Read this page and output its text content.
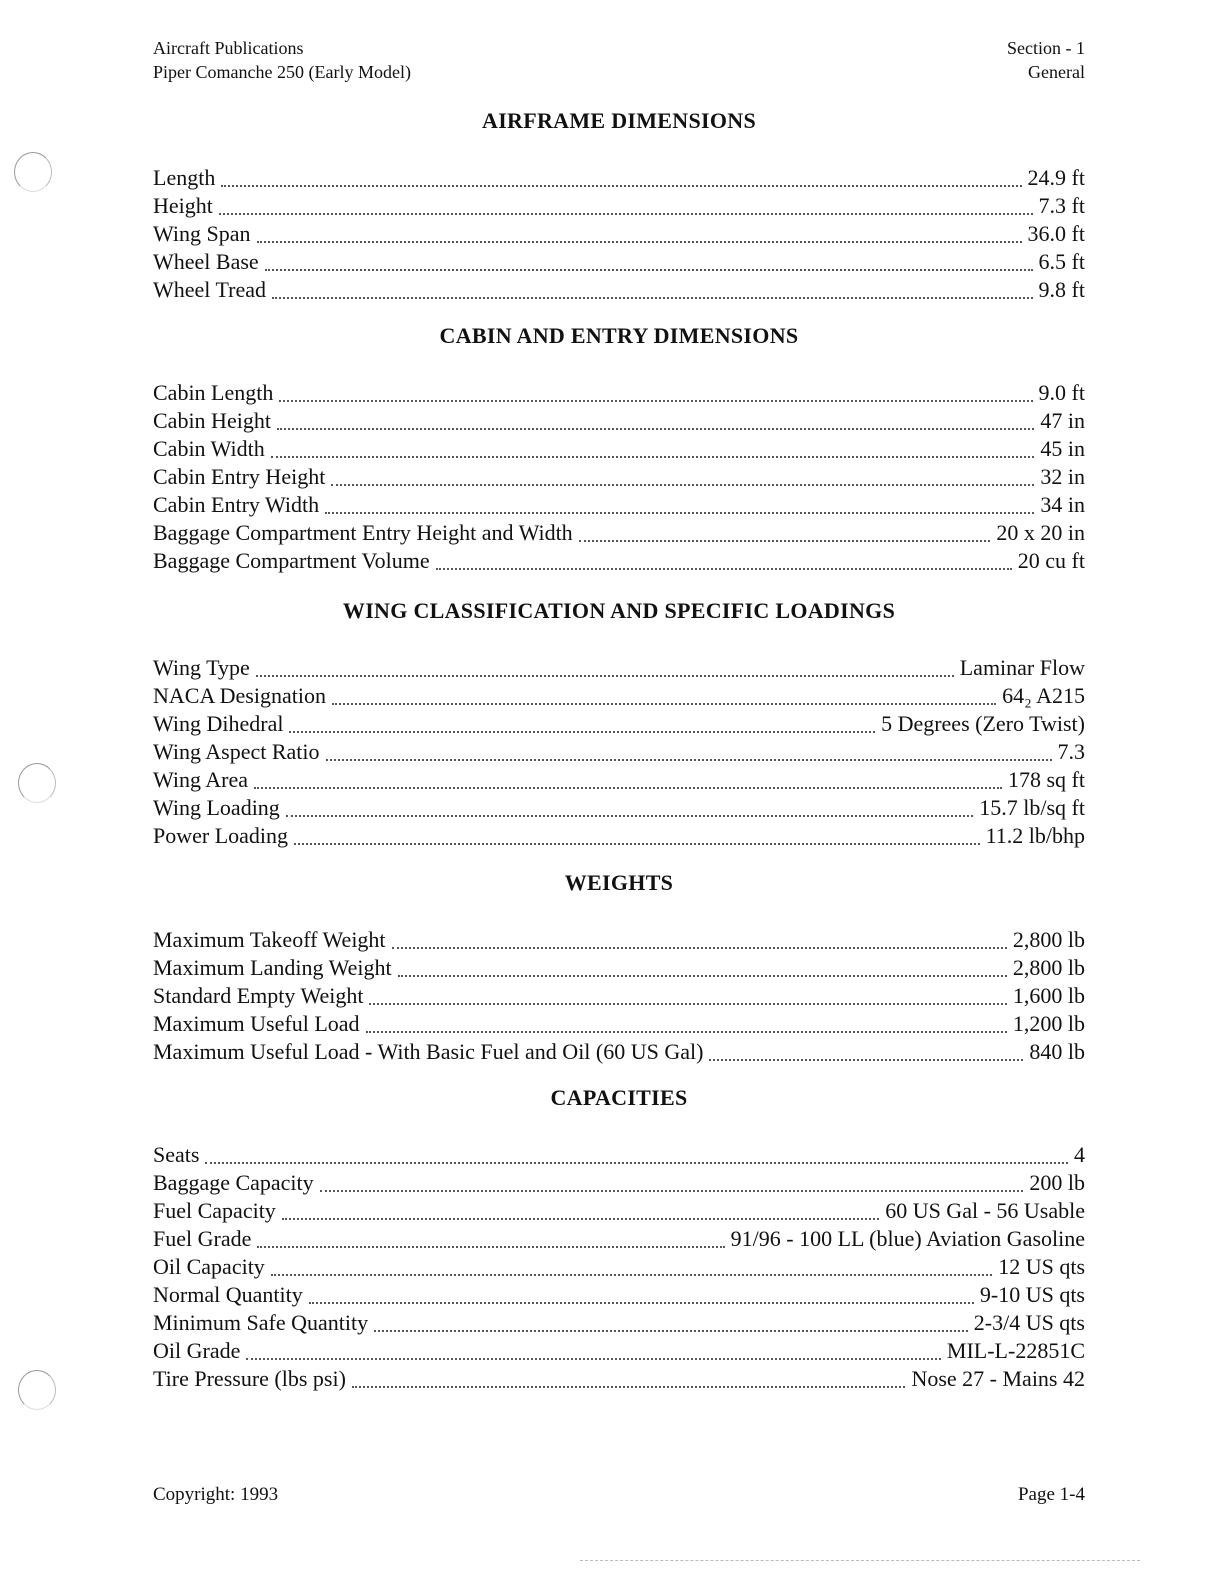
Aircraft Publications
Piper Comanche 250 (Early Model)
Section - 1
General
AIRFRAME DIMENSIONS
Length	24.9 ft
Height	7.3 ft
Wing Span	36.0 ft
Wheel Base	6.5 ft
Wheel Tread	9.8 ft
CABIN AND ENTRY DIMENSIONS
Cabin Length	9.0 ft
Cabin Height	47 in
Cabin Width	45 in
Cabin Entry Height	32 in
Cabin Entry Width	34 in
Baggage Compartment Entry Height and Width	20 x 20 in
Baggage Compartment Volume	20 cu ft
WING CLASSIFICATION AND SPECIFIC LOADINGS
Wing Type	Laminar Flow
NACA Designation	64₂ A215
Wing Dihedral	5 Degrees (Zero Twist)
Wing Aspect Ratio	7.3
Wing Area	178 sq ft
Wing Loading	15.7 lb/sq ft
Power Loading	11.2 lb/bhp
WEIGHTS
Maximum Takeoff Weight	2,800 lb
Maximum Landing Weight	2,800 lb
Standard Empty Weight	1,600 lb
Maximum Useful Load	1,200 lb
Maximum Useful Load - With Basic Fuel and Oil (60 US Gal)	840 lb
CAPACITIES
Seats	4
Baggage Capacity	200 lb
Fuel Capacity	60 US Gal - 56 Usable
Fuel Grade	91/96 - 100 LL (blue) Aviation Gasoline
Oil Capacity	12 US qts
Normal Quantity	9-10 US qts
Minimum Safe Quantity	2-3/4 US qts
Oil Grade	MIL-L-22851C
Tire Pressure (lbs psi)	Nose 27 - Mains 42
Copyright: 1993	Page 1-4
